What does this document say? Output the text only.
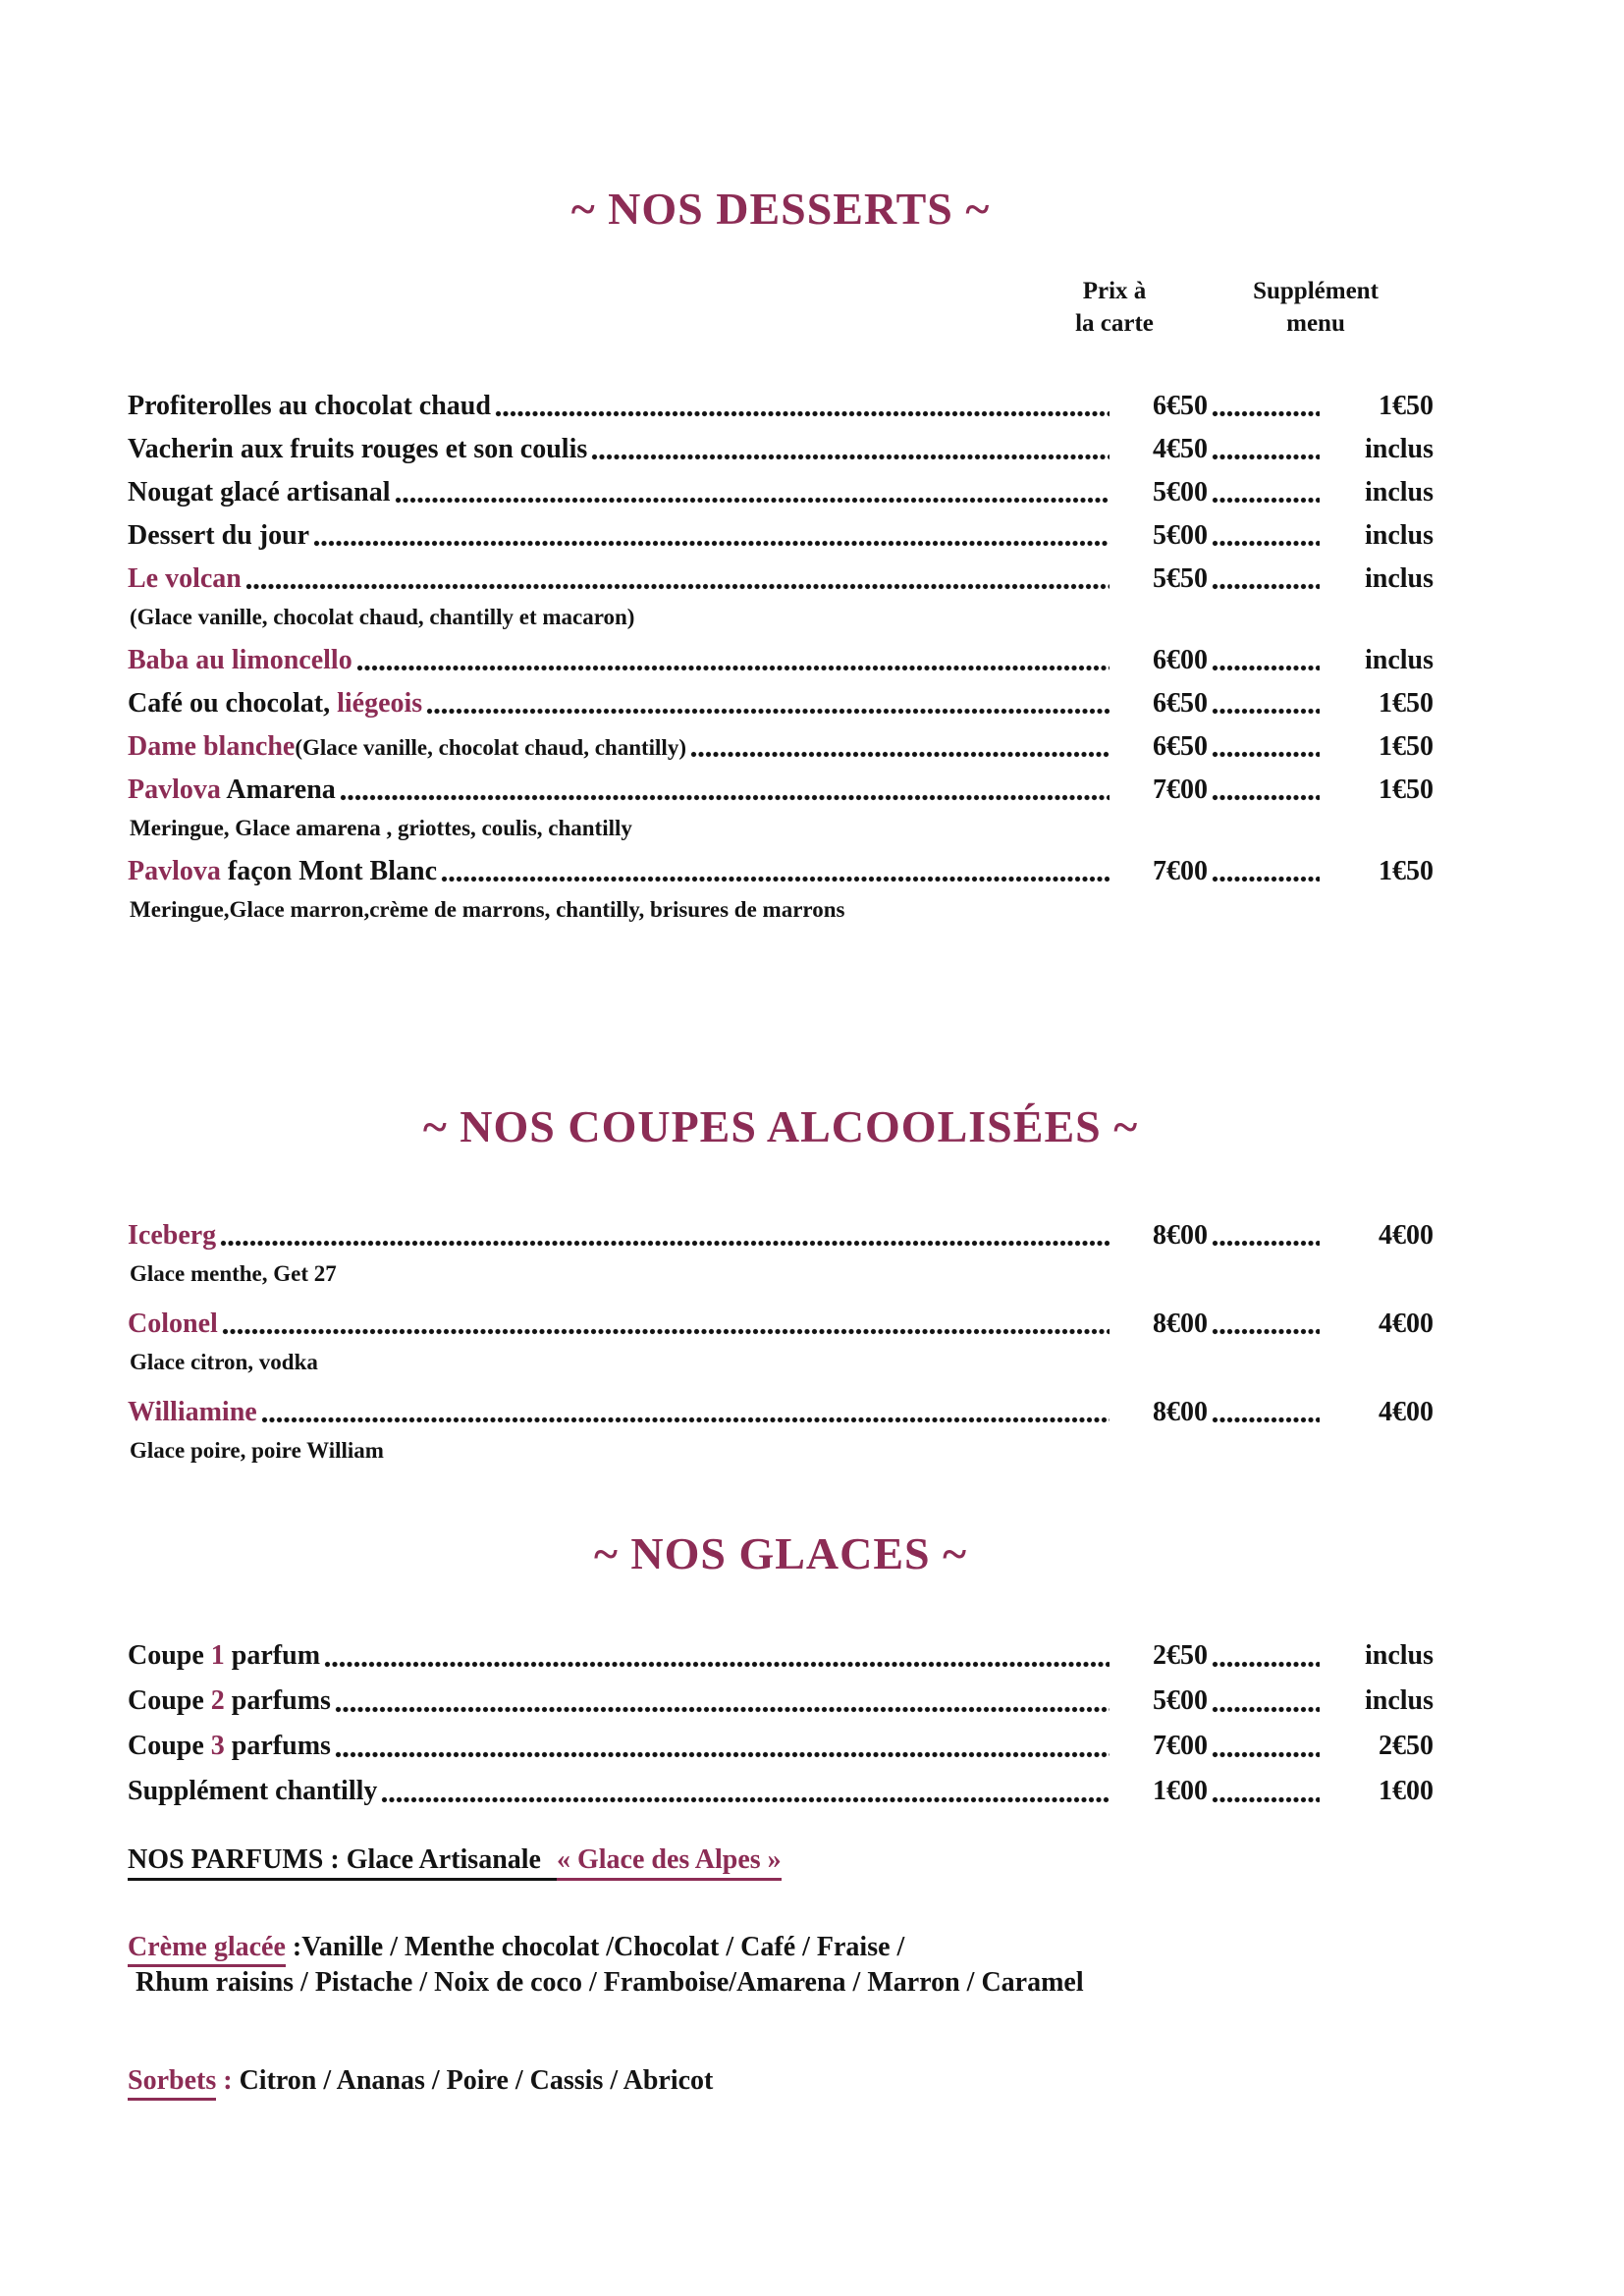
~ NOS DESSERTS ~
Prix à
la carte
Supplément
menu
Profiterolles au chocolat chaud	6€50	1€50
Vacherin aux fruits rouges et son coulis	4€50	inclus
Nougat glacé artisanal	5€00	inclus
Dessert du jour	5€00	inclus
Le volcan	5€50	inclus
(Glace vanille, chocolat chaud, chantilly et macaron)
Baba au limoncello	6€00	inclus
Café ou chocolat, liégeois	6€50	1€50
Dame blanche(Glace vanille, chocolat chaud, chantilly)	6€50	1€50
Pavlova Amarena	7€00	1€50
Meringue, Glace amarena , griottes, coulis, chantilly
Pavlova façon Mont Blanc	7€00	1€50
Meringue,Glace marron,crème de marrons, chantilly, brisures de marrons
~ NOS COUPES ALCOOLISÉES ~
Iceberg	8€00	4€00
Glace menthe, Get 27
Colonel	8€00	4€00
Glace citron, vodka
Williamine	8€00	4€00
Glace poire, poire William
~ NOS GLACES ~
Coupe 1 parfum	2€50	inclus
Coupe 2 parfums	5€00	inclus
Coupe 3 parfums	7€00	2€50
Supplément chantilly	1€00	1€00
NOS PARFUMS : Glace Artisanale « Glace des Alpes »
Crème glacée :Vanille / Menthe chocolat /Chocolat / Café / Fraise /
Rhum raisins / Pistache / Noix de coco / Framboise/Amarena / Marron / Caramel
Sorbets : Citron / Ananas / Poire / Cassis / Abricot
